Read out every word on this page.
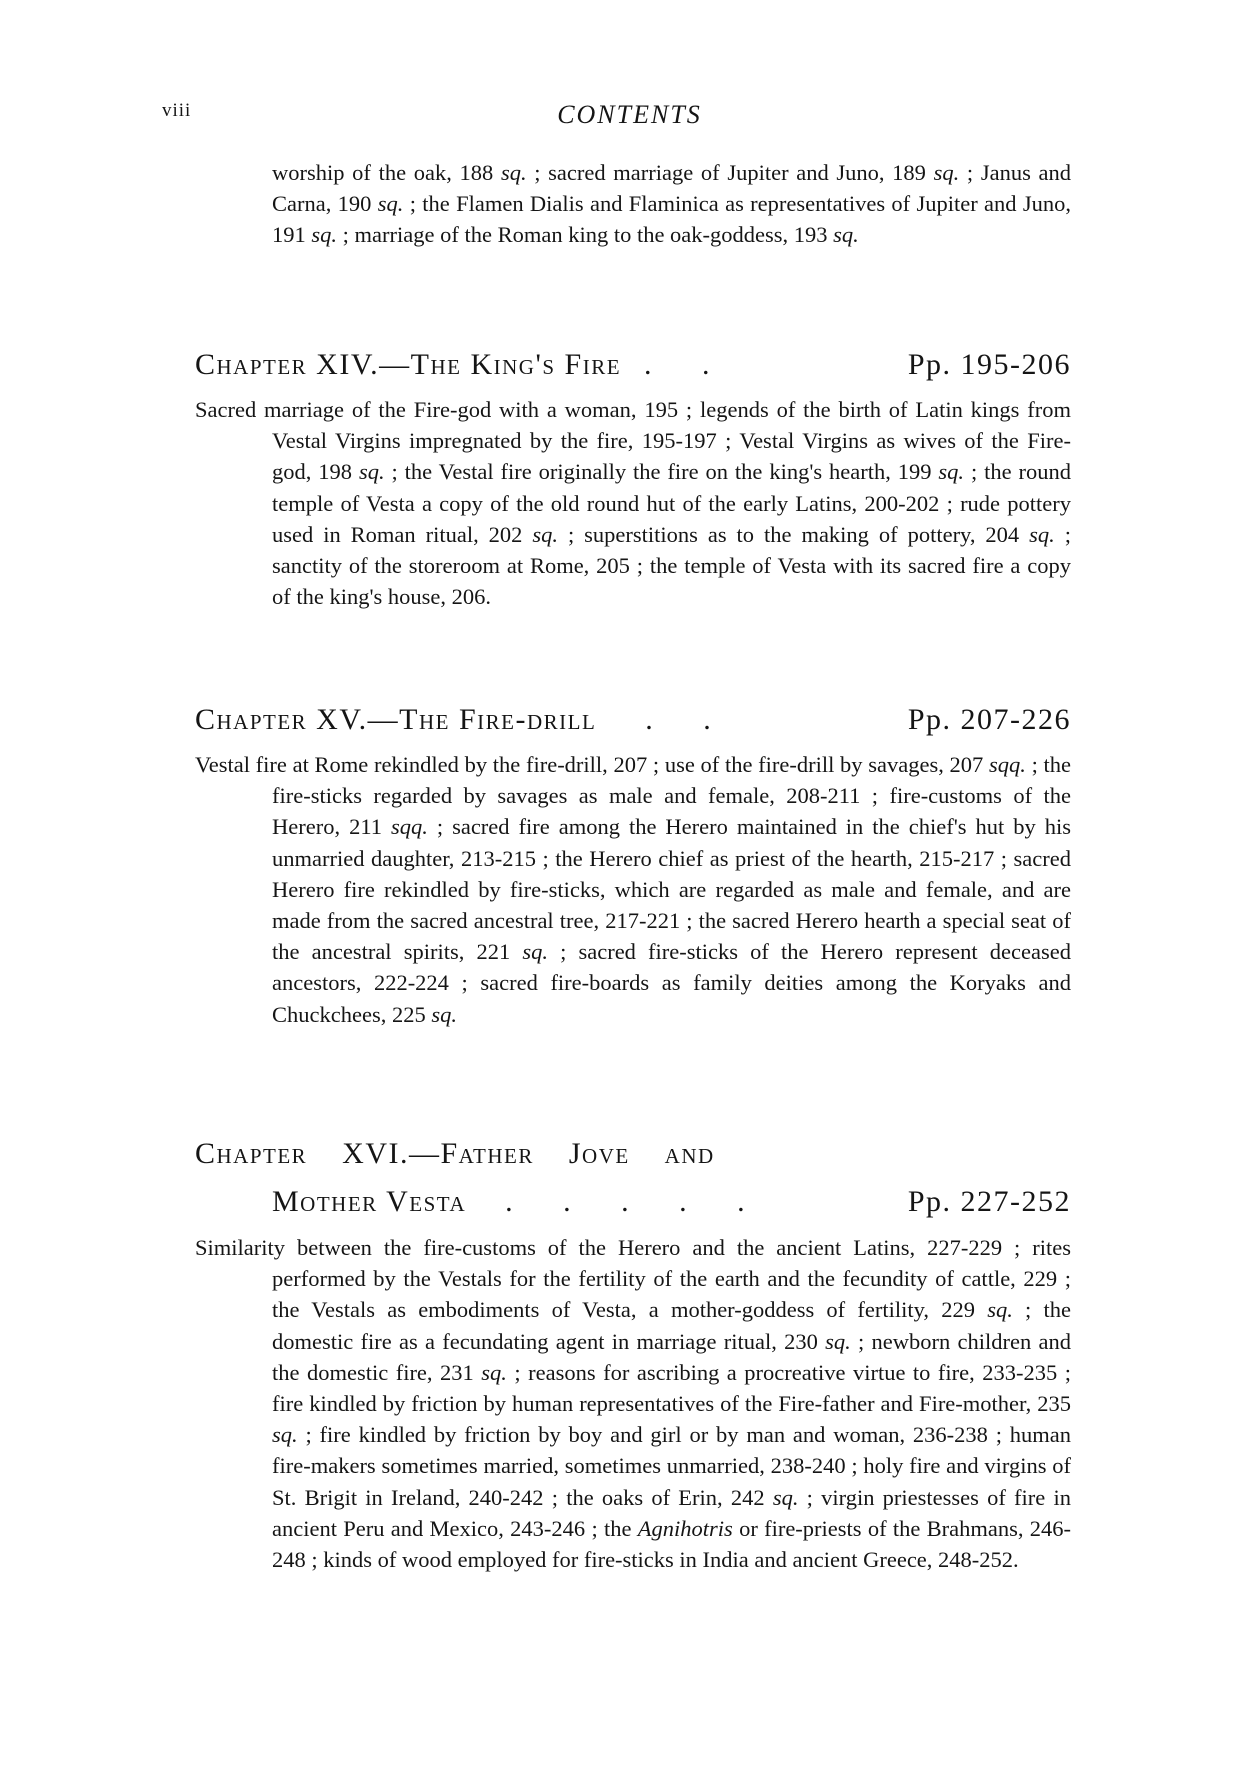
viii	CONTENTS

worship of the oak, 188 sq. ; sacred marriage of Jupiter and Juno, 189 sq. ; Janus and Carna, 190 sq. ; the Flamen Dialis and Flaminica as representatives of Jupiter and Juno, 191 sq. ; marriage of the Roman king to the oak-goddess, 193 sq.

Chapter XIV.—The King's Fire . .	Pp. 195-206

Sacred marriage of the Fire-god with a woman, 195 ; legends of the birth of Latin kings from Vestal Virgins impregnated by the fire, 195-197 ; Vestal Virgins as wives of the Fire-god, 198 sq. ; the Vestal fire originally the fire on the king's hearth, 199 sq. ; the round temple of Vesta a copy of the old round hut of the early Latins, 200-202 ; rude pottery used in Roman ritual, 202 sq. ; superstitions as to the making of pottery, 204 sq. ; sanctity of the storeroom at Rome, 205 ; the temple of Vesta with its sacred fire a copy of the king's house, 206.

Chapter XV.—The Fire-drill . .	Pp. 207-226

Vestal fire at Rome rekindled by the fire-drill, 207 ; use of the fire-drill by savages, 207 sqq. ; the fire-sticks regarded by savages as male and female, 208-211 ; fire-customs of the Herero, 211 sqq. ; sacred fire among the Herero maintained in the chief's hut by his unmarried daughter, 213-215 ; the Herero chief as priest of the hearth, 215-217 ; sacred Herero fire rekindled by fire-sticks, which are regarded as male and female, and are made from the sacred ancestral tree, 217-221 ; the sacred Herero hearth a special seat of the ancestral spirits, 221 sq. ; sacred fire-sticks of the Herero represent deceased ancestors, 222-224 ; sacred fire-boards as family deities among the Koryaks and Chuckchees, 225 sq.

Chapter XVI.—Father Jove and
Mother Vesta . . . . .	Pp. 227-252

Similarity between the fire-customs of the Herero and the ancient Latins, 227-229 ; rites performed by the Vestals for the fertility of the earth and the fecundity of cattle, 229 ; the Vestals as embodiments of Vesta, a mother-goddess of fertility, 229 sq. ; the domestic fire as a fecundating agent in marriage ritual, 230 sq. ; newborn children and the domestic fire, 231 sq. ; reasons for ascribing a procreative virtue to fire, 233-235 ; fire kindled by friction by human representatives of the Fire-father and Fire-mother, 235 sq. ; fire kindled by friction by boy and girl or by man and woman, 236-238 ; human fire-makers sometimes married, sometimes unmarried, 238-240 ; holy fire and virgins of St. Brigit in Ireland, 240-242 ; the oaks of Erin, 242 sq. ; virgin priestesses of fire in ancient Peru and Mexico, 243-246 ; the Agnihotris or fire-priests of the Brahmans, 246-248 ; kinds of wood employed for fire-sticks in India and ancient Greece, 248-252.
